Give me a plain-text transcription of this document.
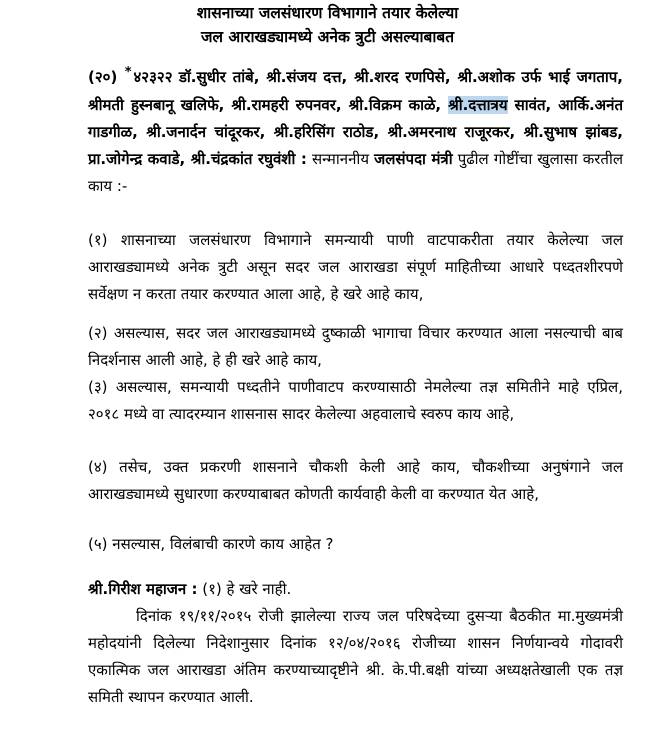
शासनाच्या जलसंधारण विभागाने तयार केलेल्या

जल आराखड्यामध्ये अनेक त्रुटी असल्याबाबत

(२०) * ४२३२२ डॉ.सुधीर तांबे, श्री.संजय दत्त, श्री.शरद रणपिसे, श्री.अशोक उर्फ भाई जगताप, श्रीमती हुस्नबानू खलिफे, श्री.रामहरी रुपनवर, श्री.विक्रम काळे, श्री.दत्तात्रय सावंत, आर्कि.अनंत गाडगीळ, श्री.जनार्दन चांदूरकर, श्री.हरिसिंग राठोड, श्री.अमरनाथ राजूरकर, श्री.सुभाष झांबड, प्रा.जोगेन्द्र कवाडे, श्री.चंद्रकांत रघुवंशी : सन्माननीय जलसंपदा मंत्री पुढील गोष्टींचा खुलासा करतील काय :-

(१) शासनाच्या जलसंधारण विभागाने समन्यायी पाणी वाटपाकरीता तयार केलेल्या जल आराखड्यामध्ये अनेक त्रुटी असून सदर जल आराखडा संपूर्ण माहितीच्या आधारे पध्दतशीरपणे सर्वेक्षण न करता तयार करण्यात आला आहे, हे खरे आहे काय,

(२) असल्यास, सदर जल आराखड्यामध्ये दुष्काळी भागाचा विचार करण्यात आला नसल्याची बाब निदर्शनास आली आहे, हे ही खरे आहे काय,

(३) असल्यास, समन्यायी पध्दतीने पाणीवाटप करण्यासाठी नेमलेल्या तज्ञ समितीने माहे एप्रिल, २०१८ मध्ये वा त्यादरम्यान शासनास सादर केलेल्या अहवालाचे स्वरुप काय आहे,

(४) तसेच, उक्त प्रकरणी शासनाने चौकशी केली आहे काय, चौकशीच्या अनुषंगाने जल आराखड्यामध्ये सुधारणा करण्याबाबत कोणती कार्यवाही केली वा करण्यात येत आहे,

(५) नसल्यास, विलंबाची कारणे काय आहेत ?

श्री.गिरीश महाजन : (१) हे खरे नाही.

दिनांक १९/११/२०१५ रोजी झालेल्या राज्य जल परिषदेच्या दुसऱ्या बैठकीत मा.मुख्यमंत्री महोदयांनी दिलेल्या निदेशानुसार दिनांक १२/०४/२०१६ रोजीच्या शासन निर्णयान्वये गोदावरी एकात्मिक जल आराखडा अंतिम करण्याच्यादृष्टीने श्री. के.पी.बक्षी यांच्या अध्यक्षतेखाली एक तज्ञ समिती स्थापन करण्यात आली.
